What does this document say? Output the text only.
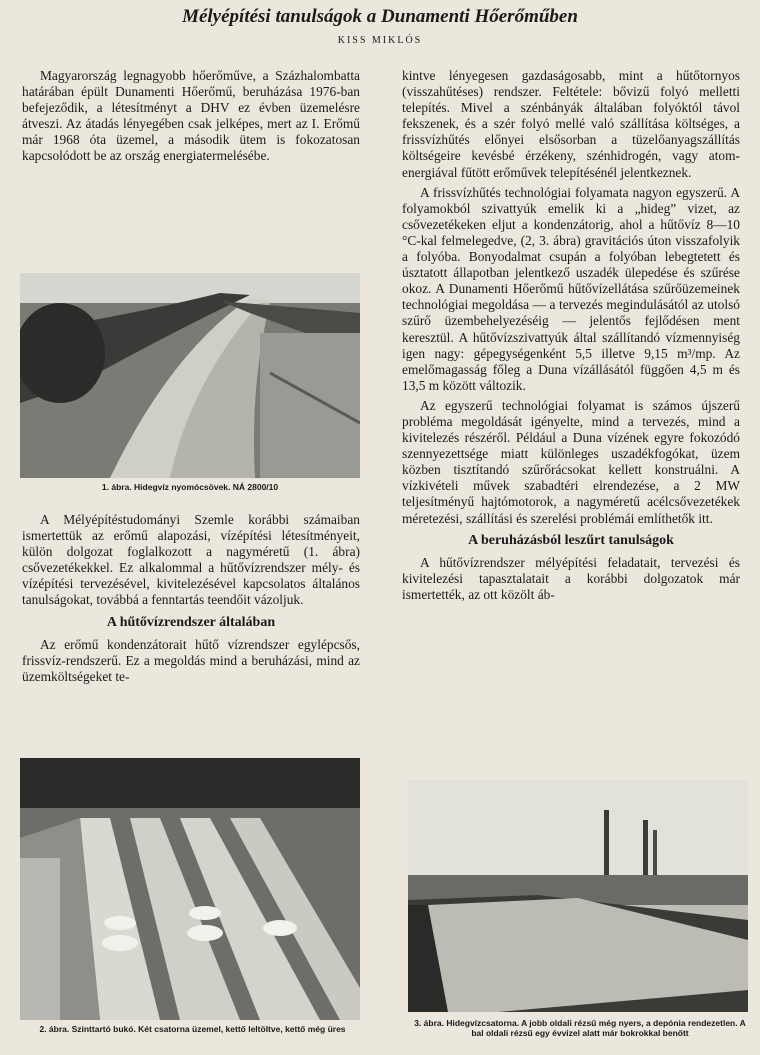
Mélyépítési tanulságok a Dunamenti Hőerőműben
KISS MIKLÓS

Magyarország legnagyobb hőerőműve, a Százhalombatta határában épült Dunamenti Hőerőmű, beruházása 1976-ban befejeződik, a létesítményt a DHV ez évben üzemelésre átveszi. Az átadás lényegében csak jelképes, mert az I. Erőmű már 1968 óta üzemel, a második ütem is fokozatosan kapcsolódott be az ország energiatermelésébe.

1. ábra. Hidegvíz nyomócsövek. NÁ 2800/10

A Mélyépítéstudományi Szemle korábbi számaiban ismertettük az erőmű alapozási, vízépítési létesítményeit, külön dolgozat foglalkozott a nagyméretű (1. ábra) csővezetékekkel. Ez alkalommal a hűtővízrendszer mély- és vízépítési tervezésével, kivitelezésével kapcsolatos általános tanulságokat, továbbá a fenntartás teendőit vázoljuk.

A hűtővízrendszer általában

Az erőmű kondenzátorait hűtő vízrendszer egylépcsős, frissvíz-rendszerű. Ez a megoldás mind a beruházási, mind az üzemköltségeket te-

2. ábra. Szinttartó bukó. Két csatorna üzemel, kettő leltöltve, kettő még üres

kintve lényegesen gazdaságosabb, mint a hűtőtornyos (visszahűtéses) rendszer. Feltétele: bővizű folyó melletti telepítés. Mivel a szénbányák általában folyóktól távol fekszenek, és a szér folyó mellé való szállítása költséges, a frissvízhűtés előnyei elsősorban a tüzelőanyagszállítás költségeire kevésbé érzékeny, szénhidrogén, vagy atom-energiával fűtött erőművek telepítésénél jelentkeznek.

A frissvízhűtés technológiai folyamata nagyon egyszerű. A folyamokból szivattyúk emelik ki a „hideg” vizet, az csővezetékeken eljut a kondenzátorig, ahol a hűtővíz 8—10 °C-kal felmelegedve, (2, 3. ábra) gravitációs úton visszafolyik a folyóba. Bonyodalmat csupán a folyóban lebegtetett és úsztatott állapotban jelentkező uszadék ülepedése és szűrése okoz. A Dunamenti Hőerőmű hűtővízellátása szűrőüzemeinek technológiai megoldása — a tervezés megindulásától az utolsó szűrő üzembehelyezéséig — jelentős fejlődésen ment keresztül. A hűtővízszivattyúk által szállítandó vízmennyiség igen nagy: gépegységenként 5,5 illetve 9,15 m³/mp. Az emelőmagasság főleg a Duna vízállásától függően 4,5 m és 13,5 m között változik.

Az egyszerű technológiai folyamat is számos újszerű probléma megoldását igényelte, mind a tervezés, mind a kivitelezés részéről. Például a Duna vízének egyre fokozódó szennyezettsége miatt különleges uszadékfogókat, üzem közben tisztítandó szűrőrácsokat kellett konstruálni. A vízkivételi művek szabadtéri elrendezése, a 2 MW teljesítményű hajtómotorok, a nagyméretű acélcsővezetékek méretezési, szállítási és szerelési problémái említhetők itt.

A beruházásból leszűrt tanulságok

A hűtővízrendszer mélyépítési feladatait, tervezési és kivitelezési tapasztalatait a korábbi dolgozatok már ismertették, az ott közölt áb-

3. ábra. Hidegvízcsatorna. A jobb oldali rézsű még nyers, a depónia rendezetlen. A bal oldali rézsű egy évvizel alatt már bokrokkal benőtt
